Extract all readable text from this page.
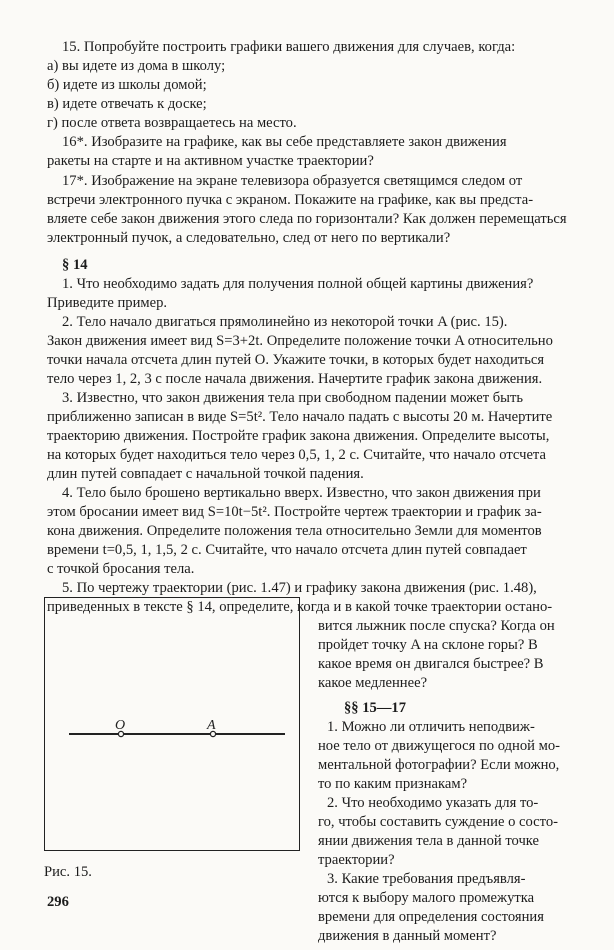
15. Попробуйте построить графики вашего движения для случаев, когда:

а) вы идете из дома в школу;

б) идете из школы домой;

в) идете отвечать к доске;

г) после ответа возвращаетесь на место.

16*. Изобразите на графике, как вы себе представляете закон движения

ракеты на старте и на активном участке траектории?

17*. Изображение на экране телевизора образуется светящимся следом от

встречи электронного пучка с экраном. Покажите на графике, как вы предста-

вляете себе закон движения этого следа по горизонтали? Как должен перемещаться

электронный пучок, а следовательно, след от него по вертикали?

§ 14

1. Что необходимо задать для получения полной общей картины движения?

Приведите пример.

2. Тело начало двигаться прямолинейно из некоторой точки A (рис. 15).

Закон движения имеет вид S=3+2t. Определите положение точки A относительно

точки начала отсчета длин путей O. Укажите точки, в которых будет находиться

тело через 1, 2, 3 с после начала движения. Начертите график закона движения.

3. Известно, что закон движения тела при свободном падении может быть

приближенно записан в виде S=5t². Тело начало падать с высоты 20 м. Начертите

траекторию движения. Постройте график закона движения. Определите высоты,

на которых будет находиться тело через 0,5, 1, 2 с. Считайте, что начало отсчета

длин путей совпадает с начальной точкой падения.

4. Тело было брошено вертикально вверх. Известно, что закон движения при

этом бросании имеет вид S=10t−5t². Постройте чертеж траектории и график за-

кона движения. Определите положения тела относительно Земли для моментов

времени t=0,5, 1, 1,5, 2 с. Считайте, что начало отсчета длин путей совпадает

с точкой бросания тела.

5. По чертежу траектории (рис. 1.47) и графику закона движения (рис. 1.48),

приведенных в тексте § 14, определите, когда и в какой точке траектории остано-

вится лыжник после спуска? Когда он

пройдет точку A на склоне горы? В

какое время он двигался быстрее? В

какое медленнее?

§§ 15—17

1. Можно ли отличить неподвиж-

ное тело от движущегося по одной мо-

ментальной фотографии? Если можно,

то по каким признакам?

2. Что необходимо указать для то-

го, чтобы составить суждение о состо-

янии движения тела в данной точке

траектории?

3. Какие требования предъявля-

ются к выбору малого промежутка

времени для определения состояния

движения в данный момент?

O	A
Рис. 15.
296
